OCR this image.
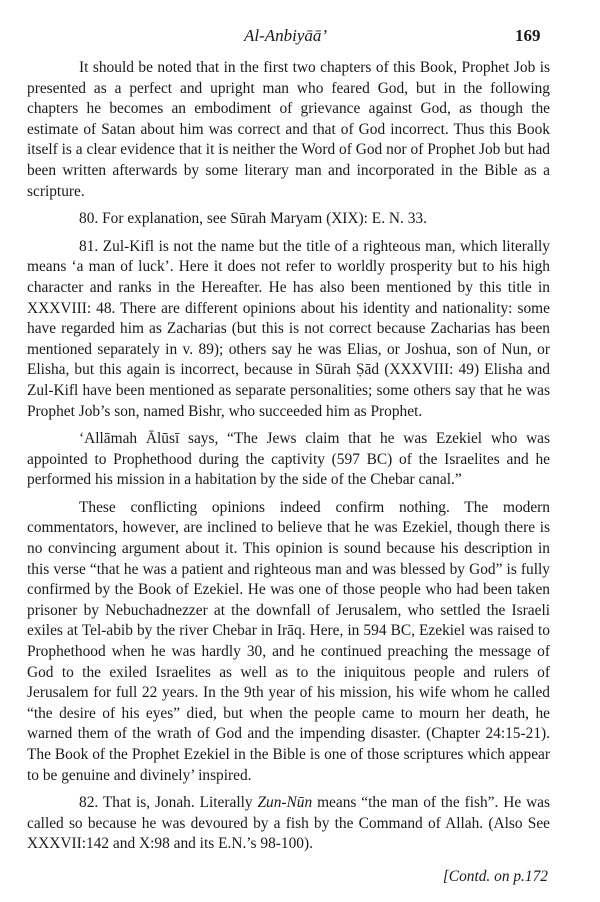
Al-Anbiyāā’	169

It should be noted that in the first two chapters of this Book, Prophet Job is presented as a perfect and upright man who feared God, but in the following chapters he becomes an embodiment of grievance against God, as though the estimate of Satan about him was correct and that of God incorrect. Thus this Book itself is a clear evidence that it is neither the Word of God nor of Prophet Job but had been written afterwards by some literary man and incorporated in the Bible as a scripture.

80. For explanation, see Sūrah Maryam (XIX): E. N. 33.

81. Zul-Kifl is not the name but the title of a righteous man, which literally means ‘a man of luck’. Here it does not refer to worldly prosperity but to his high character and ranks in the Hereafter. He has also been mentioned by this title in XXXVIII: 48. There are different opinions about his identity and nationality: some have regarded him as Zacharias (but this is not correct because Zacharias has been mentioned separately in v. 89); others say he was Elias, or Joshua, son of Nun, or Elisha, but this again is incorrect, because in Sūrah Ṣād (XXXVIII: 49) Elisha and Zul-Kifl have been mentioned as separate personalities; some others say that he was Prophet Job’s son, named Bishr, who succeeded him as Prophet.

‘Allāmah Ālūsī says, “The Jews claim that he was Ezekiel who was appointed to Prophethood during the captivity (597 BC) of the Israelites and he performed his mission in a habitation by the side of the Chebar canal.”

These conflicting opinions indeed confirm nothing. The modern commentators, however, are inclined to believe that he was Ezekiel, though there is no convincing argument about it. This opinion is sound because his description in this verse “that he was a patient and righteous man and was blessed by God” is fully confirmed by the Book of Ezekiel. He was one of those people who had been taken prisoner by Nebuchadnezzer at the downfall of Jerusalem, who settled the Israeli exiles at Tel-abib by the river Chebar in Irāq. Here, in 594 BC, Ezekiel was raised to Prophethood when he was hardly 30, and he continued preaching the message of God to the exiled Israelites as well as to the iniquitous people and rulers of Jerusalem for full 22 years. In the 9th year of his mission, his wife whom he called “the desire of his eyes” died, but when the people came to mourn her death, he warned them of the wrath of God and the impending disaster. (Chapter 24:15-21). The Book of the Prophet Ezekiel in the Bible is one of those scriptures which appear to be genuine and divinely’ inspired.

82. That is, Jonah. Literally Zun-Nūn means “the man of the fish”. He was called so because he was devoured by a fish by the Command of Allah. (Also See XXXVII:142 and X:98 and its E.N.’s 98-100).

[Contd. on p.172
